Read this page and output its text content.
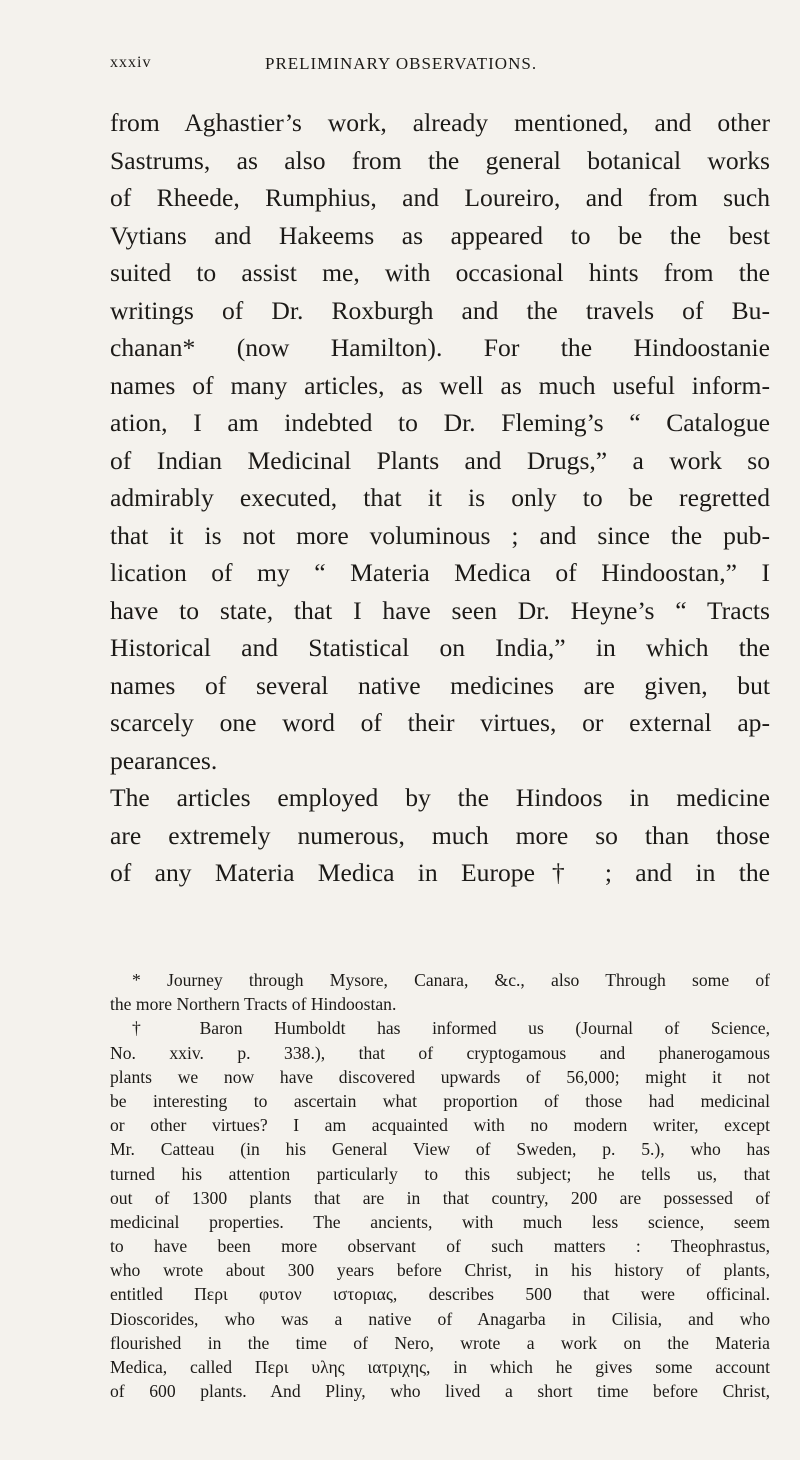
xxxiv	PRELIMINARY OBSERVATIONS.
from Aghastier’s work, already mentioned, and other
Sastrums, as also from the general botanical works
of Rheede, Rumphius, and Loureiro, and from such
Vytians and Hakeems as appeared to be the best
suited to assist me, with occasional hints from the
writings of Dr. Roxburgh and the travels of Bu-
chanan* (now Hamilton). For the Hindoostanie
names of many articles, as well as much useful inform-
ation, I am indebted to Dr. Fleming’s “ Catalogue
of Indian Medicinal Plants and Drugs,” a work so
admirably executed, that it is only to be regretted
that it is not more voluminous ; and since the pub-
lication of my “ Materia Medica of Hindoostan,” I
have to state, that I have seen Dr. Heyne’s “ Tracts
Historical and Statistical on India,” in which the
names of several native medicines are given, but
scarcely one word of their virtues, or external ap-
pearances.
The articles employed by the Hindoos in medicine
are extremely numerous, much more so than those
of any Materia Medica in Europe† ; and in the
* Journey through Mysore, Canara, &c., also Through some of
the more Northern Tracts of Hindoostan.
† Baron Humboldt has informed us (Journal of Science,
No. xxiv. p. 338.), that of cryptogamous and phanerogamous
plants we now have discovered upwards of 56,000; might it not
be interesting to ascertain what proportion of those had medicinal
or other virtues? I am acquainted with no modern writer, except
Mr. Catteau (in his General View of Sweden, p. 5.), who has
turned his attention particularly to this subject; he tells us, that
out of 1300 plants that are in that country, 200 are possessed of
medicinal properties. The ancients, with much less science, seem
to have been more observant of such matters : Theophrastus,
who wrote about 300 years before Christ, in his history of plants,
entitled Περι φυτον ιστοριας, describes 500 that were officinal.
Dioscorides, who was a native of Anagarba in Cilisia, and who
flourished in the time of Nero, wrote a work on the Materia
Medica, called Περι υλης ιατριχης, in which he gives some account
of 600 plants. And Pliny, who lived a short time before Christ,
